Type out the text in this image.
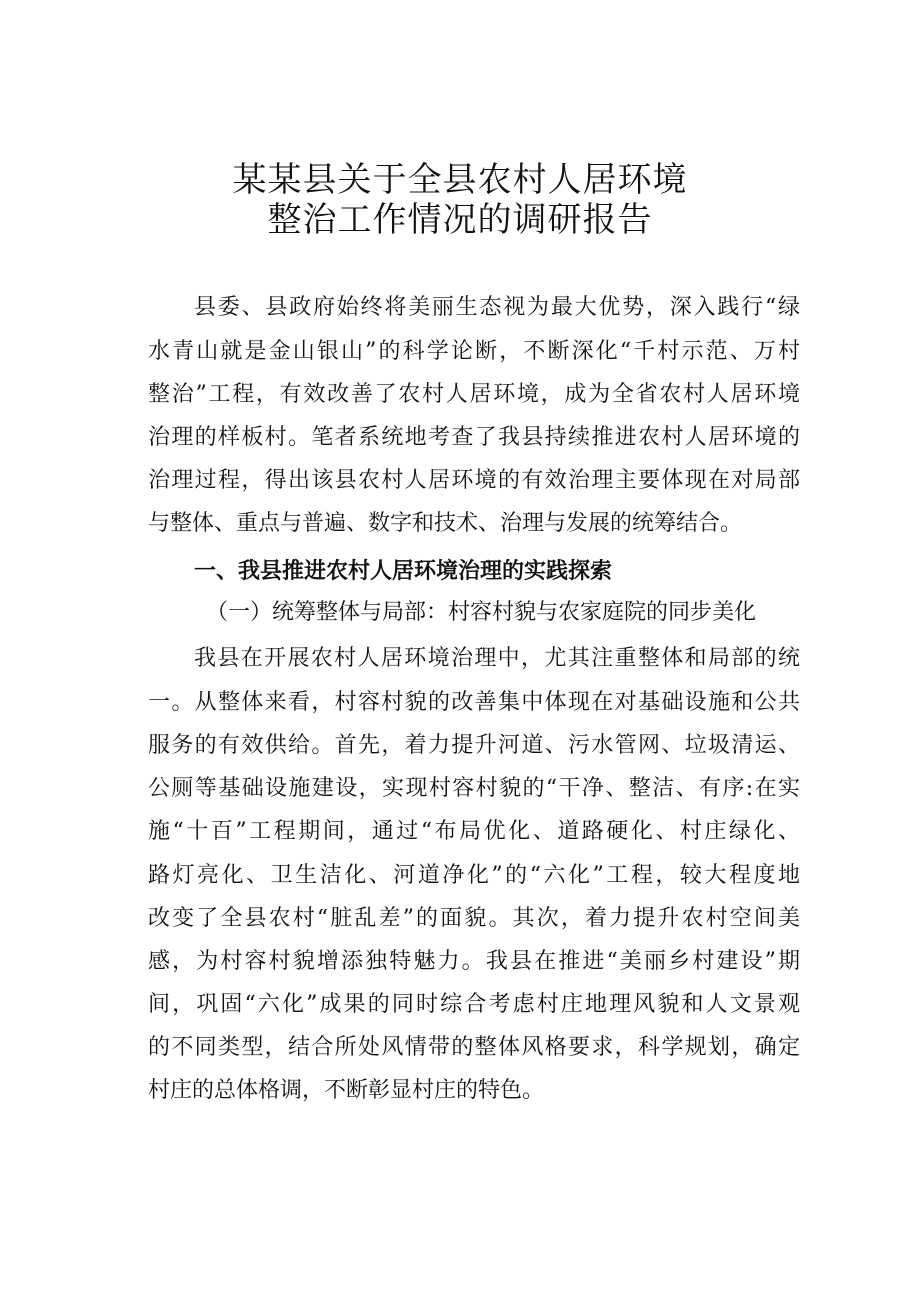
某某县关于全县农村人居环境
整治工作情况的调研报告
县委、县政府始终将美丽生态视为最大优势，深入践行“绿
水青山就是金山银山”的科学论断，不断深化“千村示范、万村
整治”工程，有效改善了农村人居环境，成为全省农村人居环境
治理的样板村。笔者系统地考查了我县持续推进农村人居环境的
治理过程，得出该县农村人居环境的有效治理主要体现在对局部
与整体、重点与普遍、数字和技术、治理与发展的统筹结合。
一、我县推进农村人居环境治理的实践探索
（一）统筹整体与局部：村容村貌与农家庭院的同步美化
我县在开展农村人居环境治理中，尤其注重整体和局部的统
一。从整体来看，村容村貌的改善集中体现在对基础设施和公共
服务的有效供给。首先，着力提升河道、污水管网、垃圾清运、
公厕等基础设施建设，实现村容村貌的“干净、整洁、有序:在实
施“十百”工程期间，通过“布局优化、道路硬化、村庄绿化、
路灯亮化、卫生洁化、河道净化”的“六化”工程，较大程度地
改变了全县农村“脏乱差”的面貌。其次，着力提升农村空间美
感，为村容村貌增添独特魅力。我县在推进“美丽乡村建设”期
间，巩固“六化”成果的同时综合考虑村庄地理风貌和人文景观
的不同类型，结合所处风情带的整体风格要求，科学规划，确定
村庄的总体格调，不断彰显村庄的特色。
